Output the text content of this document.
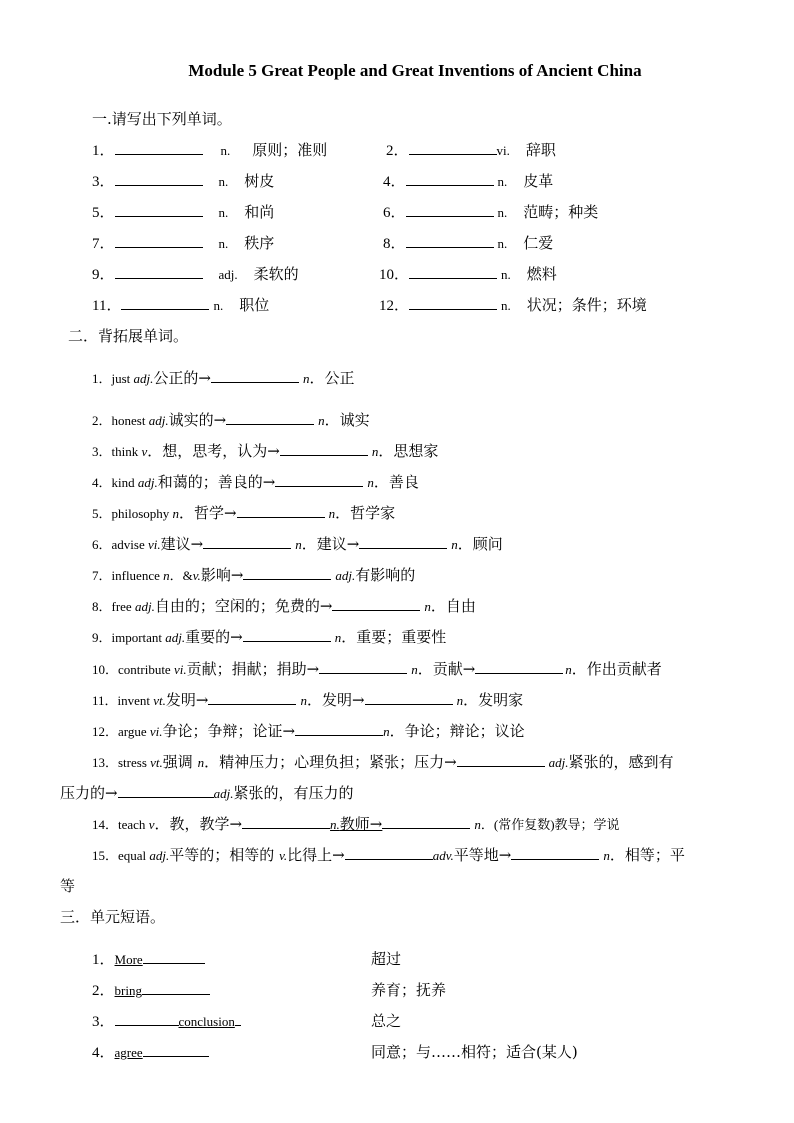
Module 5 Great People and Great Inventions of Ancient China
一.请写出下列单词。
1．	n. 原则；准则	2．	vi. 辞职
3．	n. 树皮	4．	n. 皮革
5．	n. 和尚	6．	n. 范畴；种类
7．	n. 秩序	8．	n. 仁爱
9．	adj. 柔软的	10．	n. 燃料
11．	n. 职位	12．	n. 状况；条件；环境
二．背拓展单词。
1．just adj.公正的→	n．公正
2．honest adj.诚实的→	n．诚实
3．think v．想，思考，认为→	n．思想家
4．kind adj.和蔼的；善良的→	n．善良
5．philosophy n．哲学→	n．哲学家
6．advise vi.建议→	n．建议→	n．顾问
7．influence n．&v.影响→	adj.有影响的
8．free adj.自由的；空闲的；免费的→	n．自由
9．important adj.重要的→	n．重要；重要性
10．contribute vi.贡献；捐献；捐助→	n．贡献→	n．作出贡献者
11．invent vt.发明→	n．发明→	n．发明家
12．argue vi.争论；争辩；论证→	n．争论；辩论；议论
13．stress vt.强调 n．精神压力；心理负担；紧张；压力→	adj.紧张的，感到有
压力的→	adj.紧张的，有压力的
14．teach v．教，教学→	n.教师→	n．(常作复数)教导；学说
15．equal adj.平等的；相等的 v.比得上→	adv.平等地→	n．相等；平
等
三．单元短语。
1．More	超过
2．bring	养育；抚养
3．	conclusion	总之
4．agree	同意；与……相符；适合(某人)
